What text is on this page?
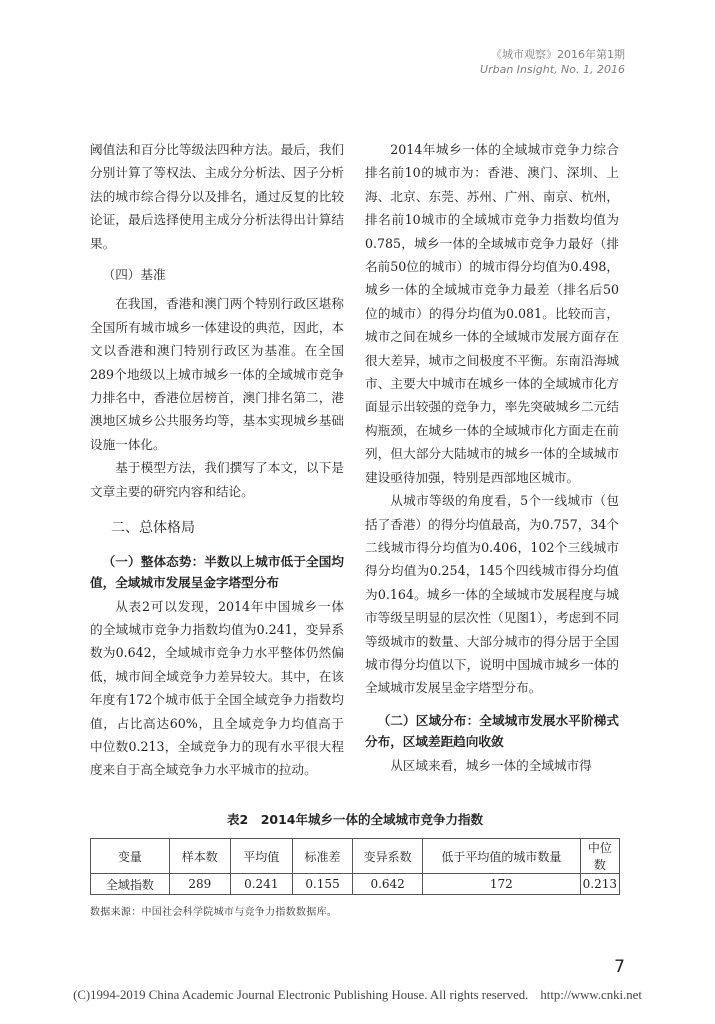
《城市观察》2016年第1期
Urban Insight, No. 1, 2016

阈值法和百分比等级法四种方法。最后，我们分别计算了等权法、主成分分析法、因子分析法的城市综合得分以及排名，通过反复的比较论证，最后选择使用主成分分析法得出计算结果。

（四）基准

在我国，香港和澳门两个特别行政区堪称全国所有城市城乡一体建设的典范，因此，本文以香港和澳门特别行政区为基准。在全国289个地级以上城市城乡一体的全域城市竞争力排名中，香港位居榜首，澳门排名第二，港澳地区城乡公共服务均等，基本实现城乡基础设施一体化。

基于模型方法，我们撰写了本文，以下是文章主要的研究内容和结论。

二、总体格局

（一）整体态势：半数以上城市低于全国均值，全域城市发展呈金字塔型分布

从表2可以发现，2014年中国城乡一体的全域城市竞争力指数均值为0.241，变异系数为0.642，全域城市竞争力水平整体仍然偏低，城市间全域竞争力差异较大。其中，在该年度有172个城市低于全国全域竞争力指数均值，占比高达60%，且全域竞争力均值高于中位数0.213，全域竞争力的现有水平很大程度来自于高全域竞争力水平城市的拉动。

2014年城乡一体的全域城市竞争力综合排名前10的城市为：香港、澳门、深圳、上海、北京、东莞、苏州、广州、南京、杭州，排名前10城市的全域城市竞争力指数均值为0.785，城乡一体的全域城市竞争力最好（排名前50位的城市）的城市得分均值为0.498，城乡一体的全域城市竞争力最差（排名后50位的城市）的得分均值为0.081。比较而言，城市之间在城乡一体的全域城市发展方面存在很大差异，城市之间极度不平衡。东南沿海城市、主要大中城市在城乡一体的全域城市化方面显示出较强的竞争力，率先突破城乡二元结构瓶颈，在城乡一体的全域城市化方面走在前列，但大部分大陆城市的城乡一体的全域城市建设亟待加强，特别是西部地区城市。

从城市等级的角度看，5个一线城市（包括了香港）的得分均值最高，为0.757，34个二线城市得分均值为0.406，102个三线城市得分均值为0.254，145个四线城市得分均值为0.164。城乡一体的全域城市发展程度与城市等级呈明显的层次性（见图1），考虑到不同等级城市的数量、大部分城市的得分居于全国城市得分均值以下，说明中国城市城乡一体的全域城市发展呈金字塔型分布。

（二）区域分布：全域城市发展水平阶梯式分布，区域差距趋向收敛

从区域来看，城乡一体的全域城市得

表2　2014年城乡一体的全域城市竞争力指数
变量	样本数	平均值	标准差	变异系数	低于平均值的城市数量	中位数
全域指数	289	0.241	0.155	0.642	172	0.213
数据来源：中国社会科学院城市与竞争力指数数据库。
7
(C)1994-2019 China Academic Journal Electronic Publishing House. All rights reserved. http://www.cnki.net
